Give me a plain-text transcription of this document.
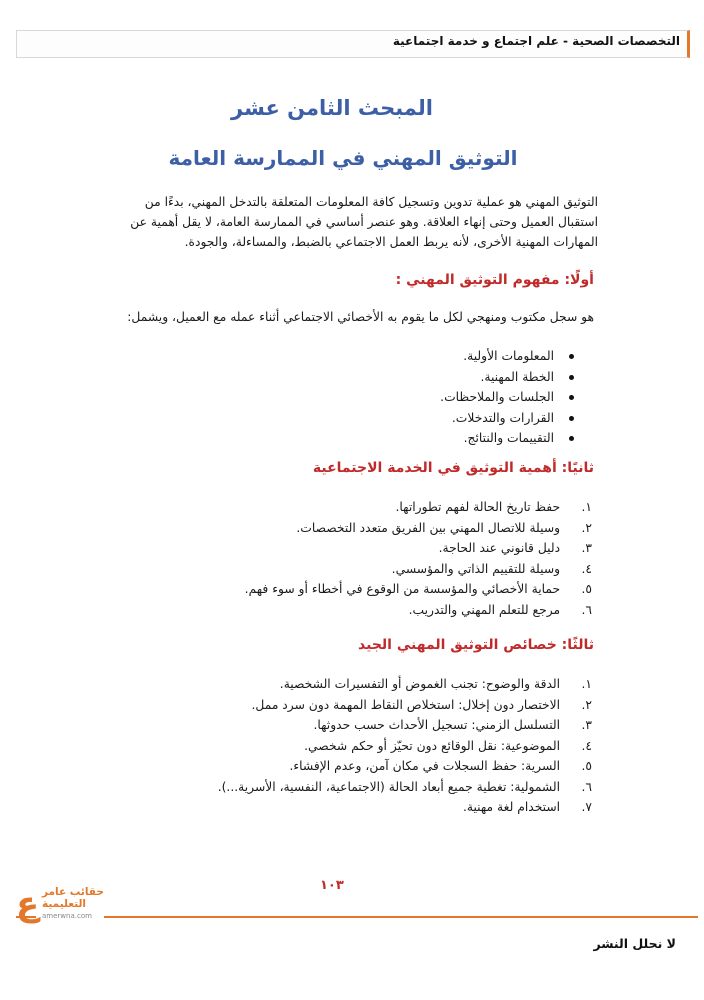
التخصصات الصحية - علم اجتماع و خدمة اجتماعية
المبحث الثامن عشر
التوثيق المهني في الممارسة العامة

التوثيق المهني هو عملية تدوين وتسجيل كافة المعلومات المتعلقة بالتدخل المهني، بدءًا من

استقبال العميل وحتى إنهاء العلاقة. وهو عنصر أساسي في الممارسة العامة، لا يقل أهمية عن

المهارات المهنية الأخرى، لأنه يربط العمل الاجتماعي بالضبط، والمساءلة، والجودة.

أولًا: مفهوم التوثيق المهني :
هو سجل مكتوب ومنهجي لكل ما يقوم به الأخصائي الاجتماعي أثناء عمله مع العميل، ويشمل:
المعلومات الأولية.
الخطة المهنية.
الجلسات والملاحظات.
القرارات والتدخلات.
التقييمات والنتائج.
ثانيًا: أهمية التوثيق في الخدمة الاجتماعية
١. حفظ تاريخ الحالة لفهم تطوراتها.
٢. وسيلة للاتصال المهني بين الفريق متعدد التخصصات.
٣. دليل قانوني عند الحاجة.
٤. وسيلة للتقييم الذاتي والمؤسسي.
٥. حماية الأخصائي والمؤسسة من الوقوع في أخطاء أو سوء فهم.
٦. مرجع للتعلم المهني والتدريب.
ثالثًا: خصائص التوثيق المهني الجيد
١. الدقة والوضوح: تجنب الغموض أو التفسيرات الشخصية.
٢. الاختصار دون إخلال: استخلاص النقاط المهمة دون سرد ممل.
٣. التسلسل الزمني: تسجيل الأحداث حسب حدوثها.
٤. الموضوعية: نقل الوقائع دون تحيّز أو حكم شخصي.
٥. السرية: حفظ السجلات في مكان آمن، وعدم الإفشاء.
٦. الشمولية: تغطية جميع أبعاد الحالة (الاجتماعية، النفسية، الأسرية...).
٧. استخدام لغة مهنية.
١٠٣
ع حقائب عامر
التعليمية
amerwna.com
لا نحلل النشر
